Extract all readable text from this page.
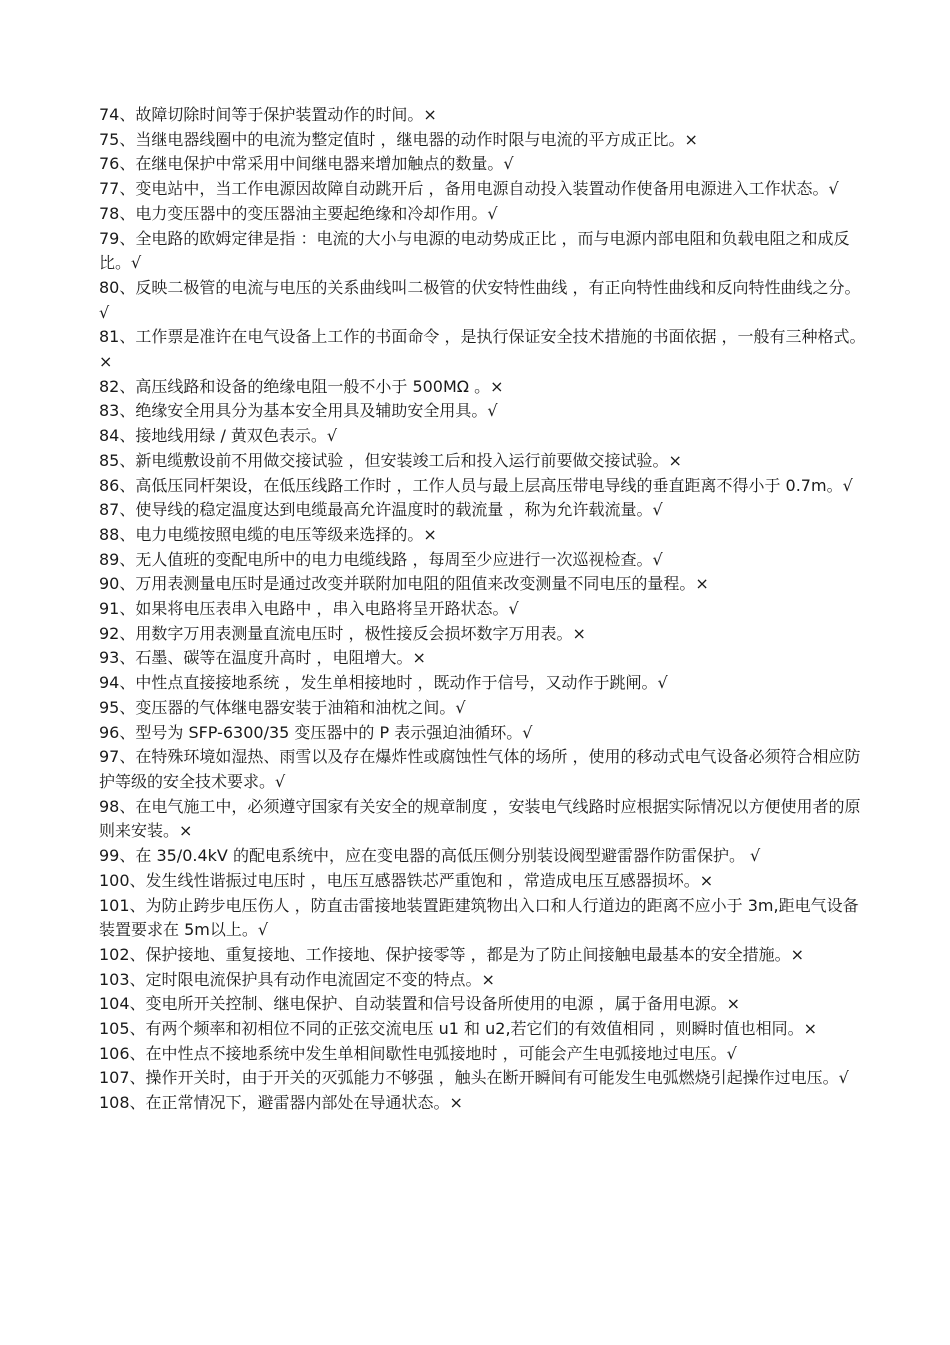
74、故障切除时间等于保护装置动作的时间。×

75、当继电器线圈中的电流为整定值时 ，继电器的动作时限与电流的平方成正比。×

76、在继电保护中常采用中间继电器来增加触点的数量。√

77、变电站中，当工作电源因故障自动跳开后 ，备用电源自动投入装置动作使备用电源进入工作状态。√

78、电力变压器中的变压器油主要起绝缘和冷却作用。√

79、全电路的欧姆定律是指 ：电流的大小与电源的电动势成正比 ，而与电源内部电阻和负载电阻之和成反比。√

80、反映二极管的电流与电压的关系曲线叫二极管的伏安特性曲线 ，有正向特性曲线和反向特性曲线之分。√

81、工作票是准许在电气设备上工作的书面命令 ，是执行保证安全技术措施的书面依据 ，一般有三种格式。×

82、高压线路和设备的绝缘电阻一般不小于 500MΩ 。×

83、绝缘安全用具分为基本安全用具及辅助安全用具。√

84、接地线用绿 / 黄双色表示。√

85、新电缆敷设前不用做交接试验 ，但安装竣工后和投入运行前要做交接试验。×

86、高低压同杆架设，在低压线路工作时 ，工作人员与最上层高压带电导线的垂直距离不得小于 0.7m。√

87、使导线的稳定温度达到电缆最高允许温度时的载流量 ，称为允许载流量。√

88、电力电缆按照电缆的电压等级来选择的。×

89、无人值班的变配电所中的电力电缆线路 ，每周至少应进行一次巡视检查。√

90、万用表测量电压时是通过改变并联附加电阻的阻值来改变测量不同电压的量程。×

91、如果将电压表串入电路中 ，串入电路将呈开路状态。√

92、用数字万用表测量直流电压时 ，极性接反会损坏数字万用表。×

93、石墨、碳等在温度升高时 ，电阻增大。×

94、中性点直接接地系统 ，发生单相接地时 ，既动作于信号，又动作于跳闸。√

95、变压器的气体继电器安装于油箱和油枕之间。√

96、型号为 SFP-6300/35 变压器中的 P 表示强迫油循环。√

97、在特殊环境如湿热、雨雪以及存在爆炸性或腐蚀性气体的场所 ，使用的移动式电气设备必须符合相应防护等级的安全技术要求。√

98、在电气施工中，必须遵守国家有关安全的规章制度 ，安装电气线路时应根据实际情况以方便使用者的原则来安装。×

99、在 35/0.4kV 的配电系统中，应在变电器的高低压侧分别装设阀型避雷器作防雷保护。 √

100、发生线性谐振过电压时 ，电压互感器铁芯严重饱和 ，常造成电压互感器损坏。×

101、为防止跨步电压伤人 ，防直击雷接地装置距建筑物出入口和人行道边的距离不应小于 3m,距电气设备装置要求在 5m以上。√

102、保护接地、重复接地、工作接地、保护接零等 ，都是为了防止间接触电最基本的安全措施。×

103、定时限电流保护具有动作电流固定不变的特点。×

104、变电所开关控制、继电保护、自动装置和信号设备所使用的电源 ，属于备用电源。×

105、有两个频率和初相位不同的正弦交流电压 u1 和 u2,若它们的有效值相同 ，则瞬时值也相同。×

106、在中性点不接地系统中发生单相间歇性电弧接地时 ，可能会产生电弧接地过电压。√

107、操作开关时，由于开关的灭弧能力不够强 ，触头在断开瞬间有可能发生电弧燃烧引起操作过电压。√

108、在正常情况下，避雷器内部处在导通状态。×
